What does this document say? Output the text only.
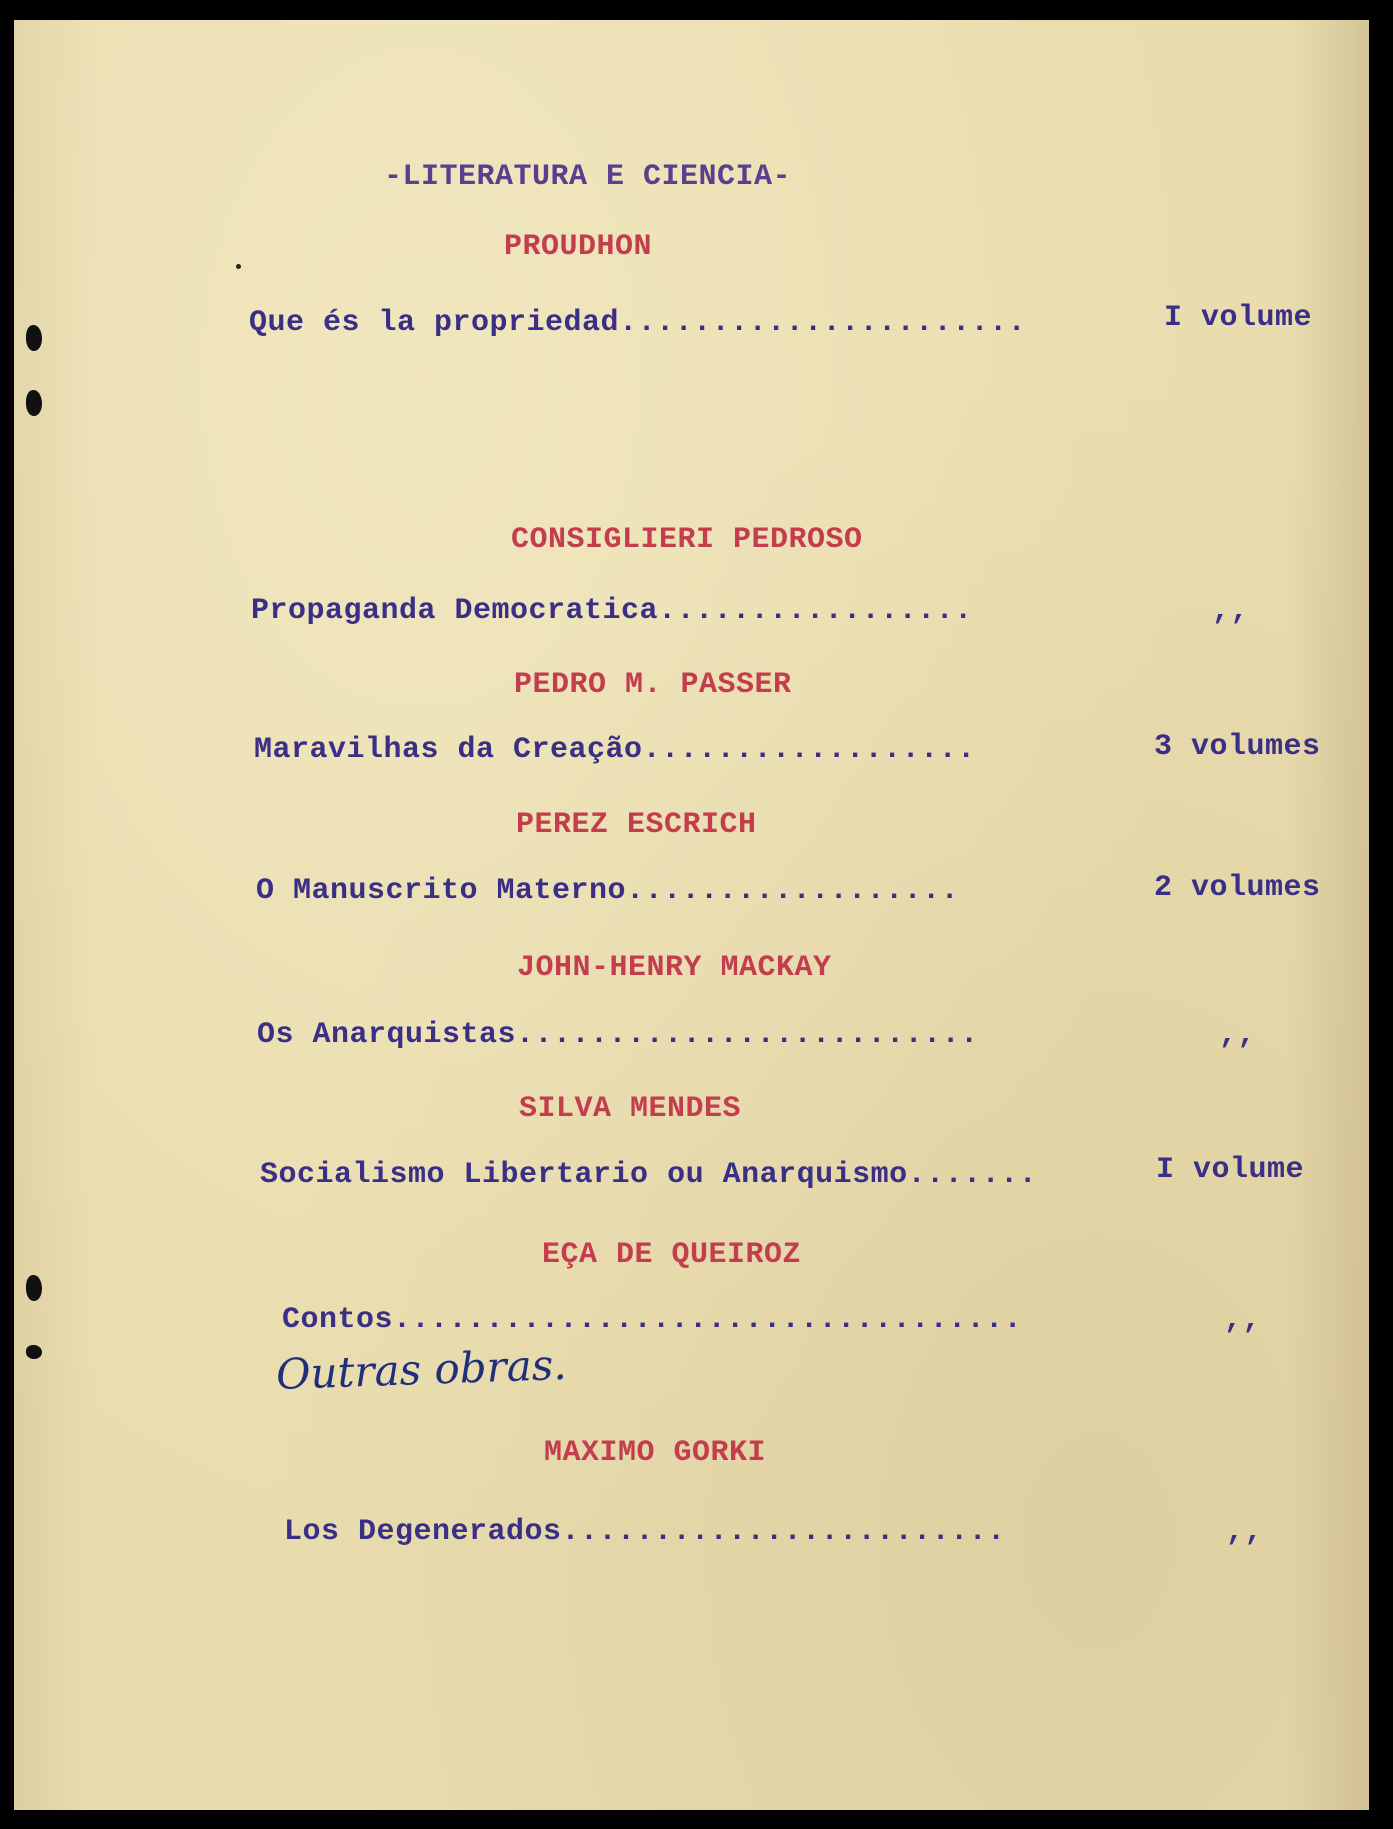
-LITERATURA E CIENCIA-
PROUDHON
Que és la propriedad......................	I volume
CONSIGLIERI PEDROSO
Propaganda Democratica.................	,,
PEDRO M. PASSER
Maravilhas da Creação..................	3 volumes
PEREZ ESCRICH
O Manuscrito Materno..................	2 volumes
JOHN-HENRY MACKAY
Os Anarquistas.........................	,,
SILVA MENDES
Socialismo Libertario ou Anarquismo.......	I volume
EÇA DE QUEIROZ
Contos..................................	,,
Outras obras.
MAXIMO GORKI
Los Degenerados........................	,,
